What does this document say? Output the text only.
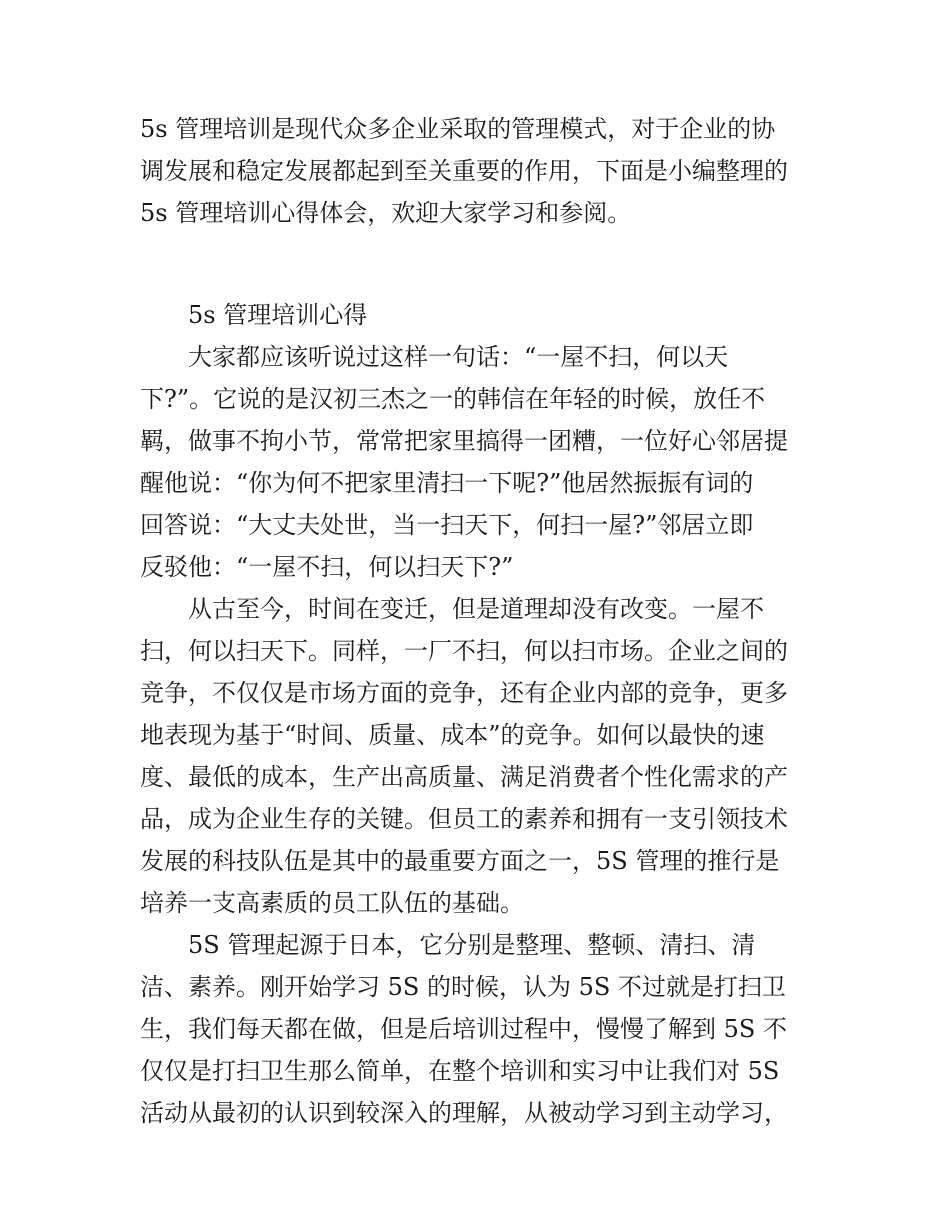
5s 管理培训是现代众多企业采取的管理模式，对于企业的协
调发展和稳定发展都起到至关重要的作用，下面是小编整理的
5s 管理培训心得体会，欢迎大家学习和参阅。
5s 管理培训心得
大家都应该听说过这样一句话：“一屋不扫，何以天
下?”。它说的是汉初三杰之一的韩信在年轻的时候，放任不
羁，做事不拘小节，常常把家里搞得一团糟，一位好心邻居提
醒他说：“你为何不把家里清扫一下呢?”他居然振振有词的
回答说：“大丈夫处世，当一扫天下，何扫一屋?”邻居立即
反驳他：“一屋不扫，何以扫天下?”
从古至今，时间在变迁，但是道理却没有改变。一屋不
扫，何以扫天下。同样，一厂不扫，何以扫市场。企业之间的
竞争，不仅仅是市场方面的竞争，还有企业内部的竞争，更多
地表现为基于“时间、质量、成本”的竞争。如何以最快的速
度、最低的成本，生产出高质量、满足消费者个性化需求的产
品，成为企业生存的关键。但员工的素养和拥有一支引领技术
发展的科技队伍是其中的最重要方面之一，5S 管理的推行是
培养一支高素质的员工队伍的基础。
5S 管理起源于日本，它分别是整理、整顿、清扫、清
洁、素养。刚开始学习 5S 的时候，认为 5S 不过就是打扫卫
生，我们每天都在做，但是后培训过程中，慢慢了解到 5S 不
仅仅是打扫卫生那么简单，在整个培训和实习中让我们对 5S
活动从最初的认识到较深入的理解，从被动学习到主动学习，
